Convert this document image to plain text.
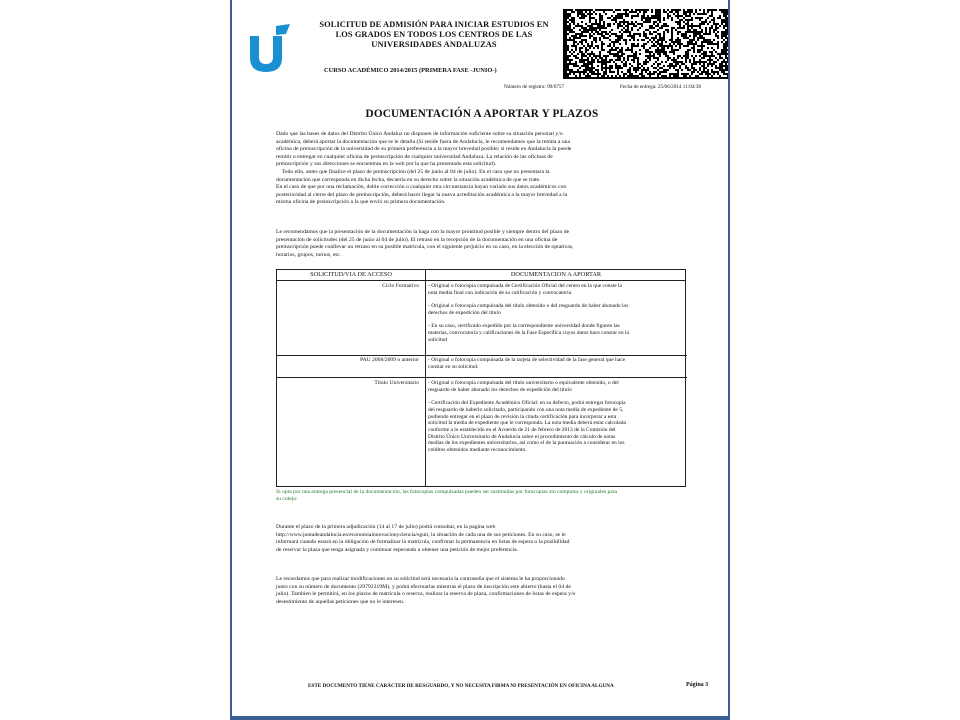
SOLICITUD DE ADMISIÓN PARA INICIAR ESTUDIOS EN
LOS GRADOS EN TODOS LOS CENTROS DE LAS
UNIVERSIDADES ANDALUZAS
CURSO ACADÉMICO 2014/2015 (PRIMERA FASE -JUNIO-)
Número de registro: 99/6757	Fecha de entrega: 25/06/2014 11:04:30
DOCUMENTACIÓN A APORTAR Y PLAZOS
Dado que las bases de datos del Distrito Único Andaluz no disponen de información suficiente sobre su situación personal y/o
académica, deberá aportar la documentación que se le detalla (Si reside fuera de Andalucía, le recomendamos que la remita a una
oficina de preinscripción de la universidad de su primera preferencia a la mayor brevedad posible; si reside en Andalucía la puede
remitir o entregar en cualquier oficina de preinscripción de cualquier universidad Andaluza. La relación de las oficinas de
preinscripción y sus direcciones se encuentran en la web por la que ha presentado esta solicitud).
Todo ello, antes que finalice el plazo de preinscripción (del 25 de junio al 04 de julio). En el caso que no presentara la
documentación que corresponda en dicha fecha, decaería en su derecho sobre la situación académica de que se trate.
En el caso de que por una reclamación, doble corrección o cualquier otra circunstancia hayan variado sus datos académicos con
posterioridad al cierre del plazo de preinscripción, deberá hacer llegar la nueva acreditación académica a la mayor brevedad a la
misma oficina de preinscripción a la que envió su primera documentación.
Le recomendamos que la presentación de la documentación la haga con la mayor prontitud posible y siempre dentro del plazo de
presentación de solicitudes (del 25 de junio al 04 de julio). El retraso en la recepción de la documentación en una oficina de
preinscripción puede conllevar un retraso en su posible matrícula, con el siguiente perjuicio en su caso, en la elección de optativas,
horarios, grupos, turnos, etc.
SOLICITUD/VIA DE ACCESO	DOCUMENTACION A APORTAR
Ciclo Formativo - Original o fotocopia compulsada de Certificación Oficial del centro en la que conste la
nota media final con indicación de su calificación y convocatoria
- Original o fotocopia compulsada del título obtenido o del resguardo de haber abonado los
derechos de expedición del título
- En su caso, certificado expedido por la correspondiente universidad donde figuren las
materias, convocatoria y calificaciones de la Fase Específica cuyos datos hace constar en la
solicitud
PAU 2008/2009 o anterior - Original o fotocopia compulsada de la tarjeta de selectividad de la fase general que hace
constar en su solicitud.
Título Universitario - Original o fotocopia compulsada del título universitario o equivalente obtenido, o del
resguardo de haber abonado los derechos de expedición del título
- Certificación del Expediente Académico Oficial: en su defecto, podrá entregar fotocopia
del resguardo de haberlo solicitado, participando con una nota media de expediente de 5,
pudiendo entregar en el plazo de revisión la citada certificación para incorporar a esta
solicitud la media de expediente que le corresponda. La nota media deberá estar calculada
conforme a lo establecido en el Acuerdo de 21 de febrero de 2013 de la Comisión del
Distrito Único Universitario de Andalucía sobre el procedimiento de cálculo de notas
medias de los expedientes universitarios, así como el de la puntuación a considerar en los
créditos obtenidos mediante reconocimiento.
Si opta por una entrega presencial de la documentación, las fotocopias compulsadas pueden ser sustituidas por fotocopias sin compulsa y originales para
su cotejo:
Durante el plazo de la primera adjudicación (14 al 17 de julio) podrá consultar, en la pagina web
http://www.juntadeandalucia.es/economiainnovacionyciencia/sguit, la situación de cada una de sus peticiones. En su caso, se le
informará cuando estará en la obligación de formalizar la matrícula, confirmar la permanencia en listas de espera o la posibilidad
de reservar la plaza que tenga asignada y continuar esperando a obtener una petición de mejor preferencia.
Le recordamos que para realizar modificaciones en su solicitud será necesaria la contraseña que el sistema le ha proporcionado
junto con su número de documento (29792319M), y podrá efectuarlas mientras el plazo de inscripción este abierto (hasta el 04 de
julio). Tambien le permitirá, en los plazos de matrícula o reserva, realizar la reserva de plaza, confirmaciones de listas de espera y/o
desestimiento de aquellas peticiones que no le interesen.
ESTE DOCUMENTO TIENE CARÁCTER DE RESGUARDO, Y NO NECESITA FIRMA NI PRESENTACIÓN EN OFICINA ALGUNA	Página 3
